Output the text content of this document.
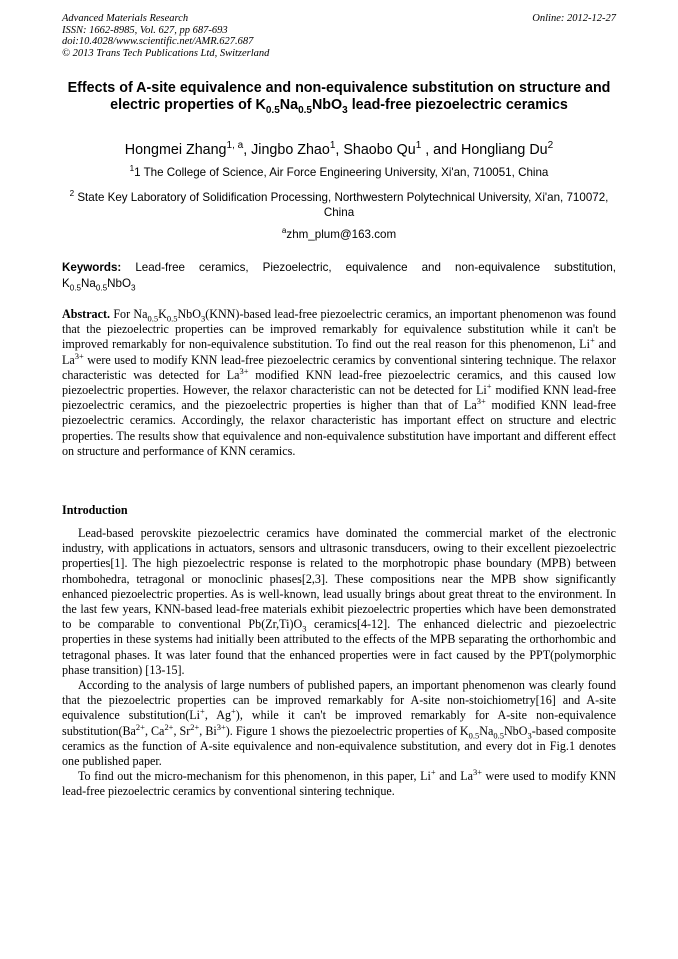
Advanced Materials Research
ISSN: 1662-8985, Vol. 627, pp 687-693
doi:10.4028/www.scientific.net/AMR.627.687
© 2013 Trans Tech Publications Ltd, Switzerland
Online: 2012-12-27
Effects of A-site equivalence and non-equivalence substitution on structure and electric properties of $K_{0.5}Na_{0.5}NbO_3$ lead-free piezoelectric ceramics
Hongmei Zhang$^{1, a}$, Jingbo Zhao$^1$, Shaobo Qu$^1$ , and Hongliang Du$^2$
$^1$1 The College of Science, Air Force Engineering University, Xi'an, 710051, China
$^2$ State Key Laboratory of Solidification Processing, Northwestern Polytechnical University, Xi'an, 710072, China
$^a$zhm_plum@163.com
Keywords: Lead-free ceramics, Piezoelectric, equivalence and non-equivalence substitution, $K_{0.5}Na_{0.5}NbO_3$
Abstract. For $Na_{0.5}K_{0.5}NbO_3(KNN)$-based lead-free piezoelectric ceramics, an important phenomenon was found that the piezoelectric properties can be improved remarkably for equivalence substitution while it can't be improved remarkably for non-equivalence substitution. To find out the real reason for this phenomenon, Li+ and $La^{3+}$ were used to modify KNN lead-free piezoelectric ceramics by conventional sintering technique. The relaxor characteristic was detected for $La^{3+}$ modified KNN lead-free piezoelectric ceramics, and this caused low piezoelectric properties. However, the relaxor characteristic can not be detected for Li+ modified KNN lead-free piezoelectric ceramics, and the piezoelectric properties is higher than that of $La^{3+}$ modified KNN lead-free piezoelectric ceramics. Accordingly, the relaxor characteristic has important effect on structure and electric properties. The results show that equivalence and non-equivalence substitution have important and different effect on structure and performance of KNN ceramics.
Introduction

Lead-based perovskite piezoelectric ceramics have dominated the commercial market of the electronic industry, with applications in actuators, sensors and ultrasonic transducers, owing to their excellent piezoelectric properties[1]. The high piezoelectric response is related to the morphotropic phase boundary (MPB) between rhombohedra, tetragonal or monoclinic phases[2,3]. These compositions near the MPB show significantly enhanced piezoelectric properties. As is well-known, lead usually brings about great threat to the environment. In the last few years, KNN-based lead-free materials exhibit piezoelectric properties which have been demonstrated to be comparable to conventional $Pb(Zr,Ti)O_3$ ceramics[4-12]. The enhanced dielectric and piezoelectric properties in these systems had initially been attributed to the effects of the MPB separating the orthorhombic and tetragonal phases. It was later found that the enhanced properties were in fact caused by the PPT(polymorphic phase transition) [13-15].

According to the analysis of large numbers of published papers, an important phenomenon was clearly found that the piezoelectric properties can be improved remarkably for A-site non-stoichiometry[16] and A-site equivalence substitution(Li+, Ag+), while it can't be improved remarkably for A-site non-equivalence $substitution(Ba^{2+}$, $Ca^{2+}$, $Sr^{2+}$, $Bi^{3+}$). Figure 1 shows the piezoelectric properties of $K_{0.5}Na_{0.5}NbO_3$-based composite ceramics as the function of A-site equivalence and non-equivalence substitution, and every dot in Fig.1 denotes one published paper.

To find out the micro-mechanism for this phenomenon, in this paper, Li+ and $La^{3+}$ were used to modify KNN lead-free piezoelectric ceramics by conventional sintering technique.
